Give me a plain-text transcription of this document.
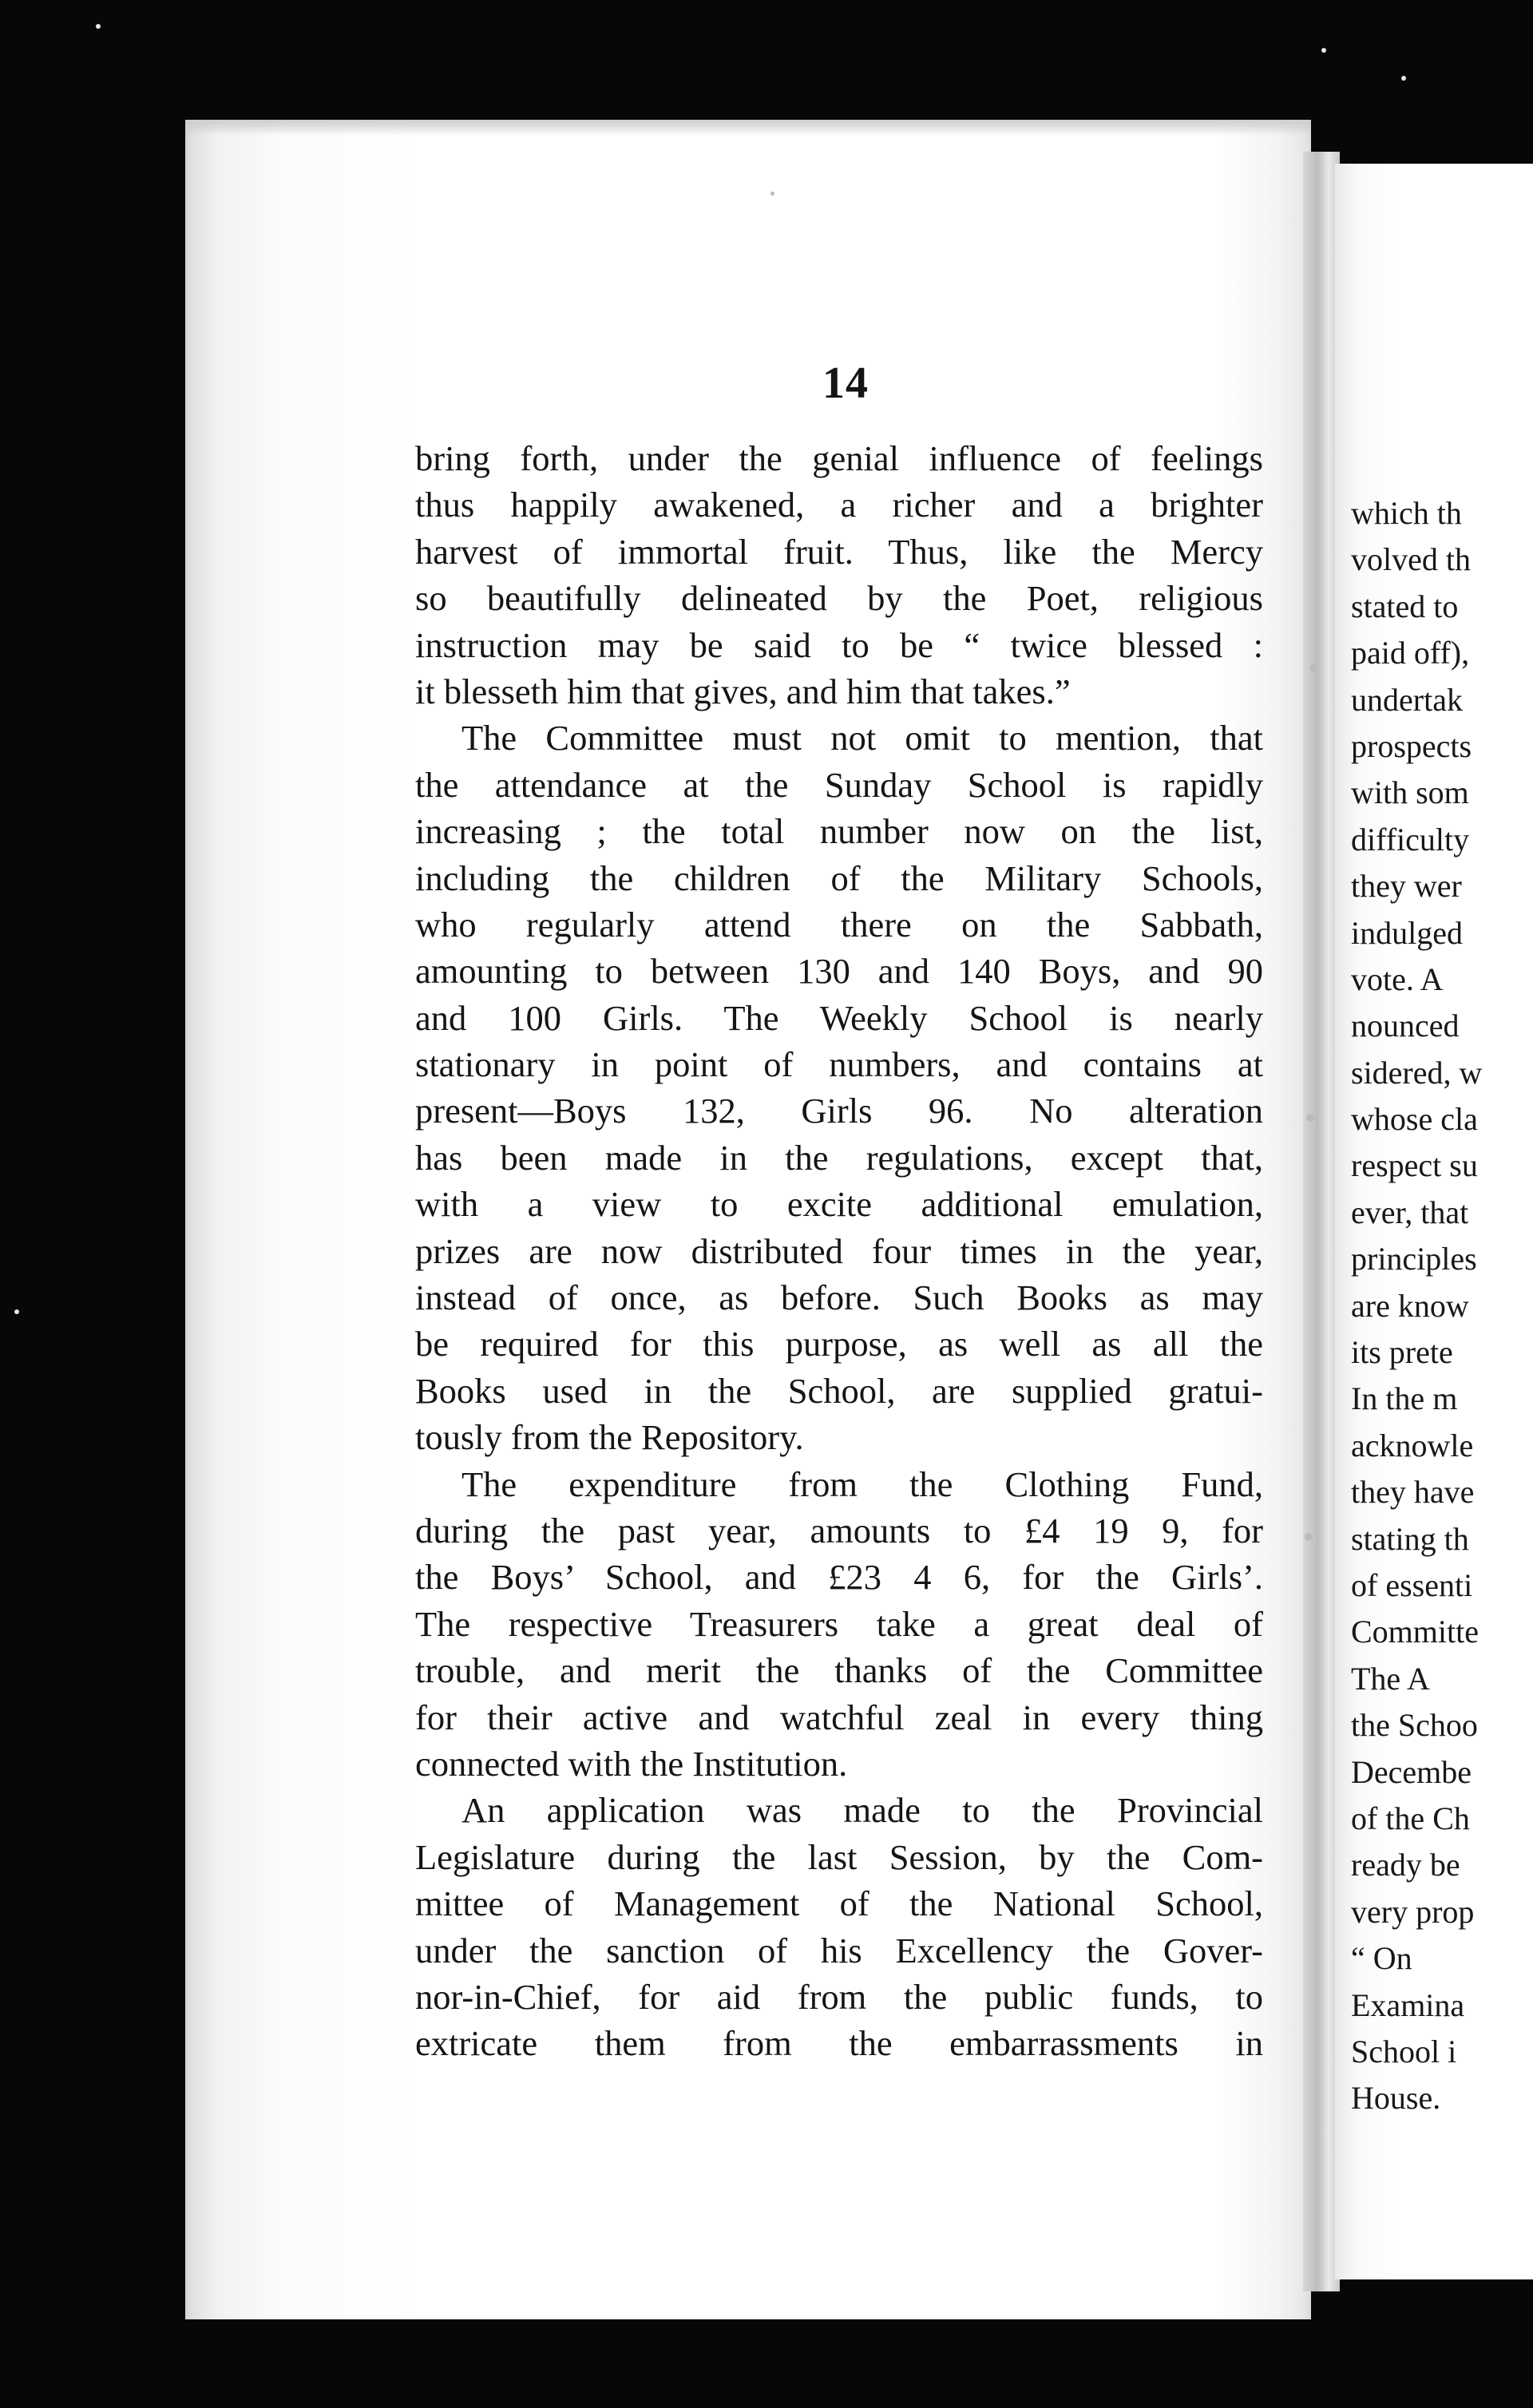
14
bring forth, under the genial influence of feelings
thus happily awakened, a richer and a brighter
harvest of immortal fruit. Thus, like the Mercy
so beautifully delineated by the Poet, religious
instruction may be said to be “ twice blessed :
it blesseth him that gives, and him that takes.”
The Committee must not omit to mention, that
the attendance at the Sunday School is rapidly
increasing ; the total number now on the list,
including the children of the Military Schools,
who regularly attend there on the Sabbath,
amounting to between 130 and 140 Boys, and 90
and 100 Girls. The Weekly School is nearly
stationary in point of numbers, and contains at
present—Boys 132, Girls 96. No alteration
has been made in the regulations, except that,
with a view to excite additional emulation,
prizes are now distributed four times in the year,
instead of once, as before. Such Books as may
be required for this purpose, as well as all the
Books used in the School, are supplied gratui-
tously from the Repository.
The expenditure from the Clothing Fund,
during the past year, amounts to £4 19 9, for
the Boys’ School, and £23 4 6, for the Girls’.
The respective Treasurers take a great deal of
trouble, and merit the thanks of the Committee
for their active and watchful zeal in every thing
connected with the Institution.
An application was made to the Provincial
Legislature during the last Session, by the Com-
mittee of Management of the National School,
under the sanction of his Excellency the Gover-
nor-in-Chief, for aid from the public funds, to
extricate them from the embarrassments in
which th
volved th
stated to
paid off),
undertak
prospects
with som
difficulty
they wer
indulged
vote. A
nounced
sidered, w
whose cla
respect su
ever, that
principles
are know
its prete
In the m
acknowle
they have
stating th
of essenti
Committe
The A
the Schoo
Decembe
of the Ch
ready be
very prop
“ On
Examina
School i
House.
